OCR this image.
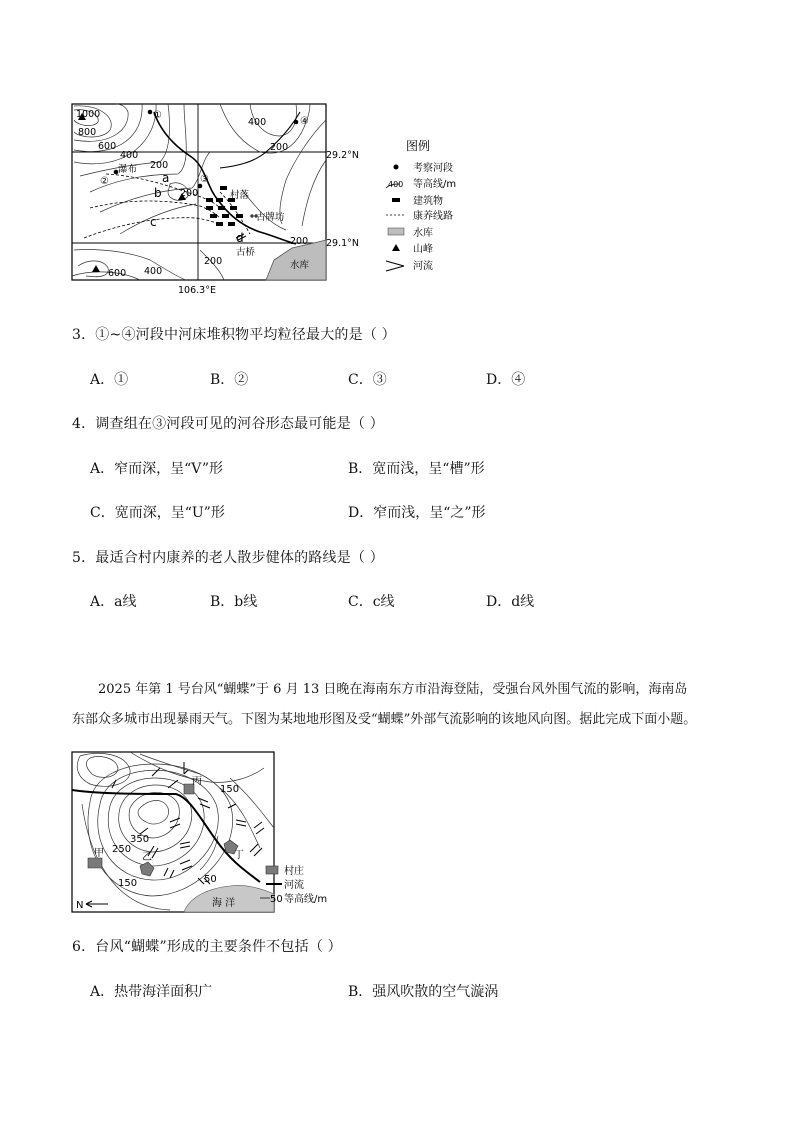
1000
800
600
400
200
200
400
200
200
200
600 400
①
②	③
④
a
b
c
d
瀑布
村落
古牌坊
古桥
水库
29.2°N
29.1°N
106.3°E
图例
考察河段
400 等高线/m
建筑物
康养线路
水库
山峰
河流
3．①~④河段中河床堆积物平均粒径最大的是（ ）
A．①	B．②	C．③	D．④
4．调查组在③河段可见的河谷形态最可能是（ ）
A．窄而深，呈“V”形	B．宽而浅，呈“槽”形
C．宽而深，呈“U”形	D．窄而浅，呈“之”形
5．最适合村内康养的老人散步健体的路线是（ ）
A．a线	B．b线	C．c线	D．d线
2025 年第 1 号台风“蝴蝶”于 6 月 13 日晚在海南东方市沿海登陆，受强台风外围气流的影响，海南岛
东部众多城市出现暴雨天气。下图为某地地形图及受“蝴蝶”外部气流影响的该地风向图。据此完成下面小题。
150
350
250
150	50
甲	乙
丙
丁
海 洋
N
村庄
河流
50 等高线/m
6．台风“蝴蝶”形成的主要条件不包括（ ）
A．热带海洋面积广	B．强风吹散的空气漩涡
